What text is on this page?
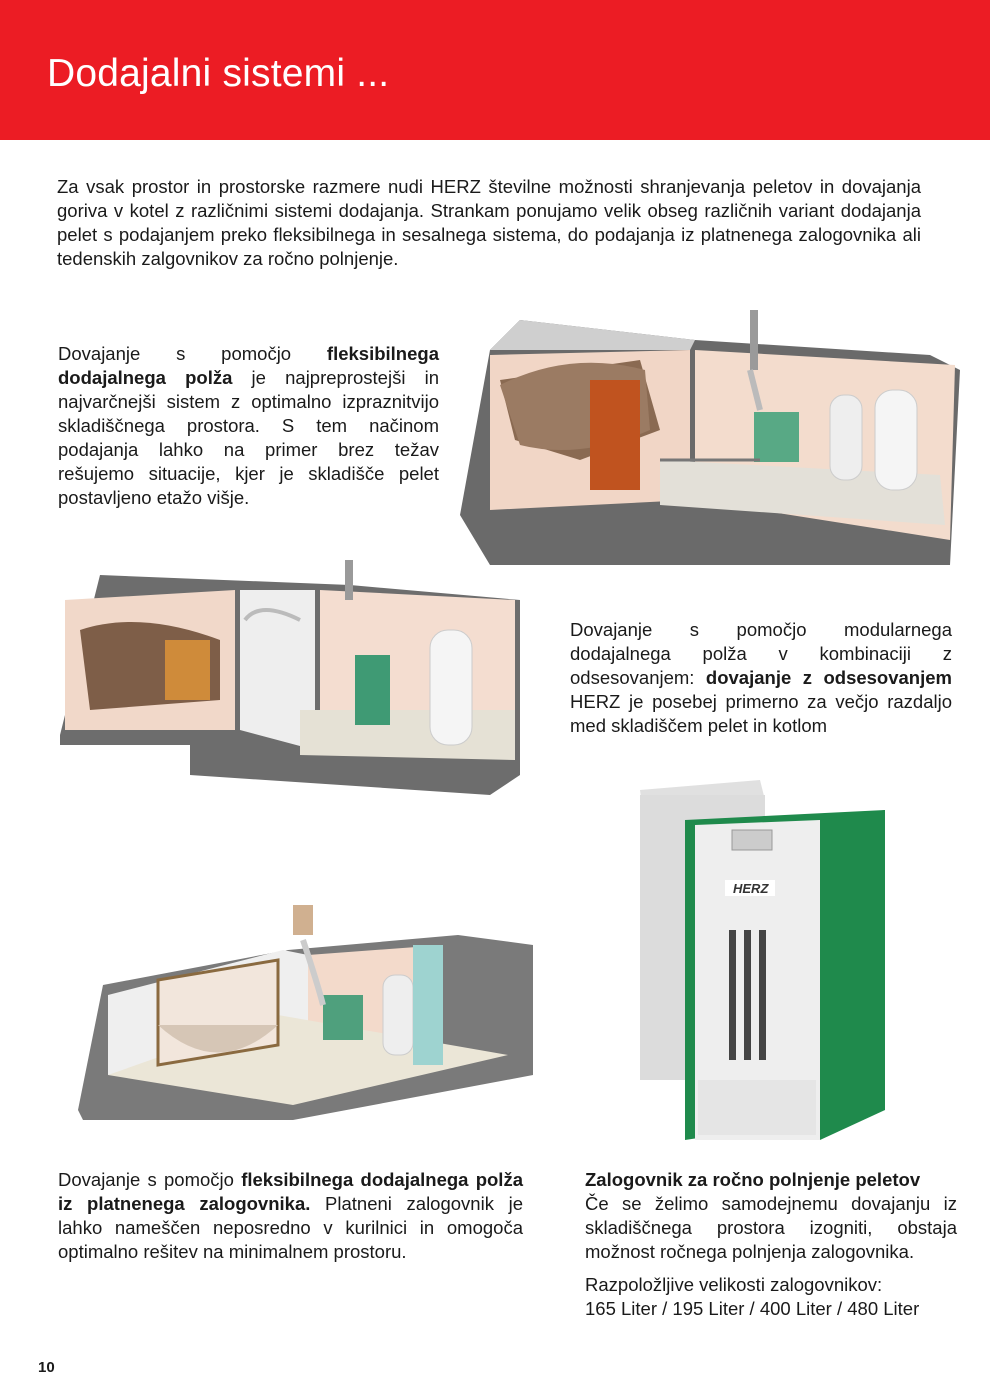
Dodajalni sistemi ...

Za vsak prostor in prostorske razmere nudi HERZ številne možnosti shranjevanja peletov in dovajanja goriva v kotel z različnimi sistemi dodajanja. Strankam ponujamo velik obseg različnih variant dodajanja pelet s podajanjem preko fleksibilnega in sesalnega sistema, do podajanja iz platnenega zalogovnika ali tedenskih zalgovnikov za ročno polnjenje.

Dovajanje s pomočjo fleksibilnega dodajalnega polža je najpreprostejši in najvarčnejši sistem z optimalno izpraznitvijo skladiščnega prostora. S tem načinom podajanja lahko na primer brez težav rešujemo situacije, kjer je skladišče pelet postavljeno etažo višje.

Dovajanje s pomočjo modularnega dodajalnega polža v kombinaciji z odsesovanjem: dovajanje z odsesovanjem HERZ je posebej primerno za večjo razdaljo med skladiščem pelet in kotlom

HERZ

Dovajanje s pomočjo fleksibilnega dodajalnega polža iz platnenega zalogovnika. Platneni zalogovnik je lahko nameščen neposredno v kurilnici in omogoča optimalno rešitev na minimalnem prostoru.

Zalogovnik za ročno polnjenje peletov
Če se želimo samodejnemu dovajanju iz skladiščnega prostora izogniti, obstaja možnost ročnega polnjenja zalogovnika.
Razpoložljive velikosti zalogovnikov:
165 Liter / 195 Liter / 400 Liter / 480 Liter
10
